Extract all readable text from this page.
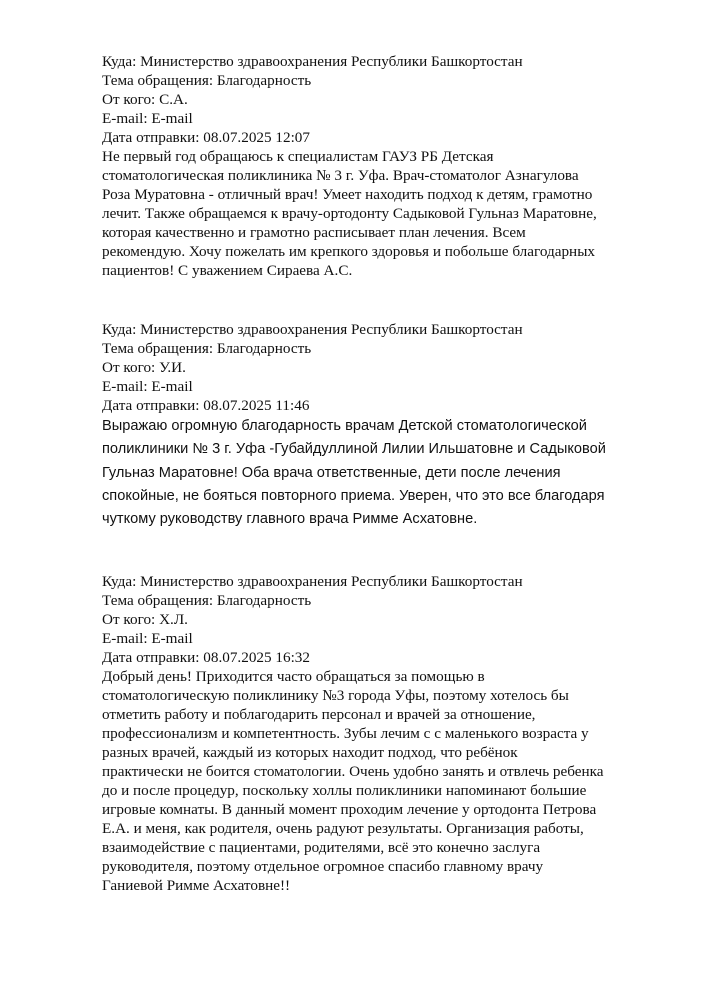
Куда: Министерство здравоохранения Республики Башкортостан
Тема обращения: Благодарность
От кого: С.А.
E-mail: E-mail
Дата отправки: 08.07.2025 12:07
Не первый год обращаюсь к специалистам ГАУЗ РБ Детская
стоматологическая поликлиника № 3 г. Уфа. Врач-стоматолог Азнагулова
Роза Муратовна - отличный врач! Умеет находить подход к детям, грамотно
лечит. Также обращаемся к врачу-ортодонту Садыковой Гульназ Маратовне,
которая качественно и грамотно расписывает план лечения. Всем
рекомендую. Хочу пожелать им крепкого здоровья и побольше благодарных
пациентов! С уважением Сираева А.С.
Куда: Министерство здравоохранения Республики Башкортостан
Тема обращения: Благодарность
От кого: У.И.
E-mail: E-mail
Дата отправки: 08.07.2025 11:46
Выражаю огромную благодарность врачам Детской стоматологической
поликлиники № 3 г. Уфа -Губайдуллиной Лилии Ильшатовне и Садыковой
Гульназ Маратовне! Оба врача ответственные, дети после лечения
спокойные, не бояться повторного приема. Уверен, что это все благодаря
чуткому руководству главного врача Римме Асхатовне.
Куда: Министерство здравоохранения Республики Башкортостан
Тема обращения: Благодарность
От кого: Х.Л.
E-mail: E-mail
Дата отправки: 08.07.2025 16:32
Добрый день! Приходится часто обращаться за помощью в
стоматологическую поликлинику №3 города Уфы, поэтому хотелось бы
отметить работу и поблагодарить персонал и врачей за отношение,
профессионализм и компетентность. Зубы лечим с с маленького возраста у
разных врачей, каждый из которых находит подход, что ребёнок
практически не боится стоматологии. Очень удобно занять и отвлечь ребенка
до и после процедур, поскольку холлы поликлиники напоминают большие
игровые комнаты. В данный момент проходим лечение у ортодонта Петрова
Е.А. и меня, как родителя, очень радуют результаты. Организация работы,
взаимодействие с пациентами, родителями, всё это конечно заслуга
руководителя, поэтому отдельное огромное спасибо главному врачу
Ганиевой Римме Асхатовне!!
